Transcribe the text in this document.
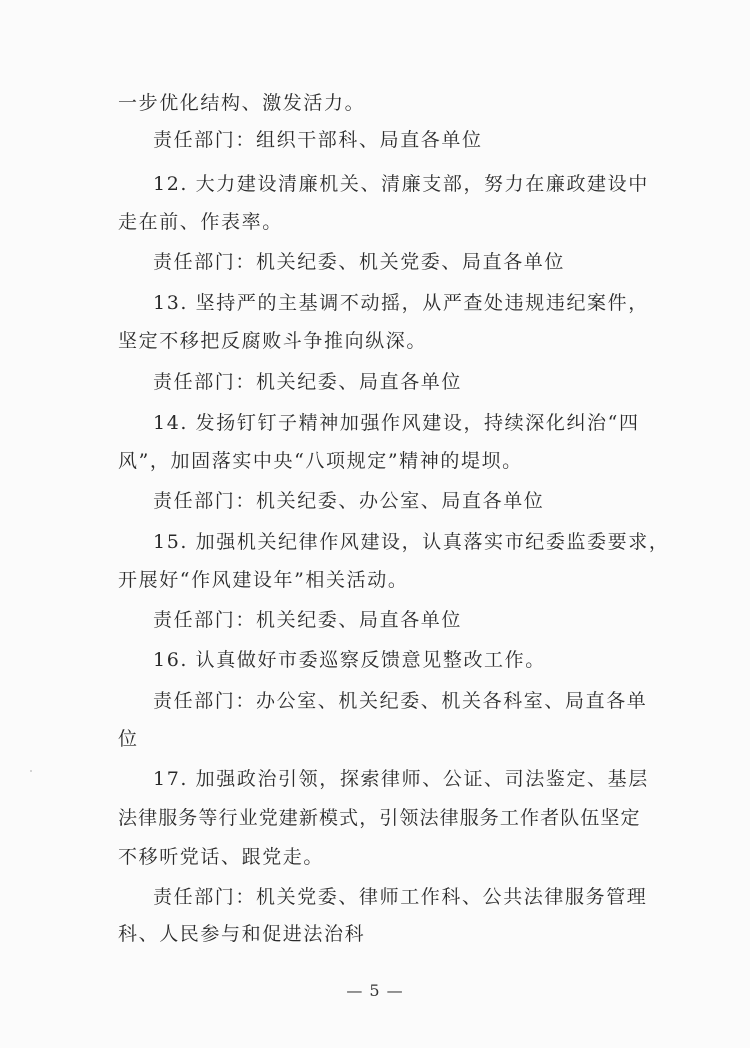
一步优化结构、激发活力。
责任部门：组织干部科、局直各单位
12. 大力建设清廉机关、清廉支部，努力在廉政建设中
走在前、作表率。
责任部门：机关纪委、机关党委、局直各单位
13. 坚持严的主基调不动摇，从严查处违规违纪案件，
坚定不移把反腐败斗争推向纵深。
责任部门：机关纪委、局直各单位
14. 发扬钉钉子精神加强作风建设，持续深化纠治“四
风”，加固落实中央“八项规定”精神的堤坝。
责任部门：机关纪委、办公室、局直各单位
15. 加强机关纪律作风建设，认真落实市纪委监委要求，
开展好“作风建设年”相关活动。
责任部门：机关纪委、局直各单位
16. 认真做好市委巡察反馈意见整改工作。
责任部门：办公室、机关纪委、机关各科室、局直各单
位
17. 加强政治引领，探索律师、公证、司法鉴定、基层
法律服务等行业党建新模式，引领法律服务工作者队伍坚定
不移听党话、跟党走。
责任部门：机关党委、律师工作科、公共法律服务管理
科、人民参与和促进法治科
— 5 —
